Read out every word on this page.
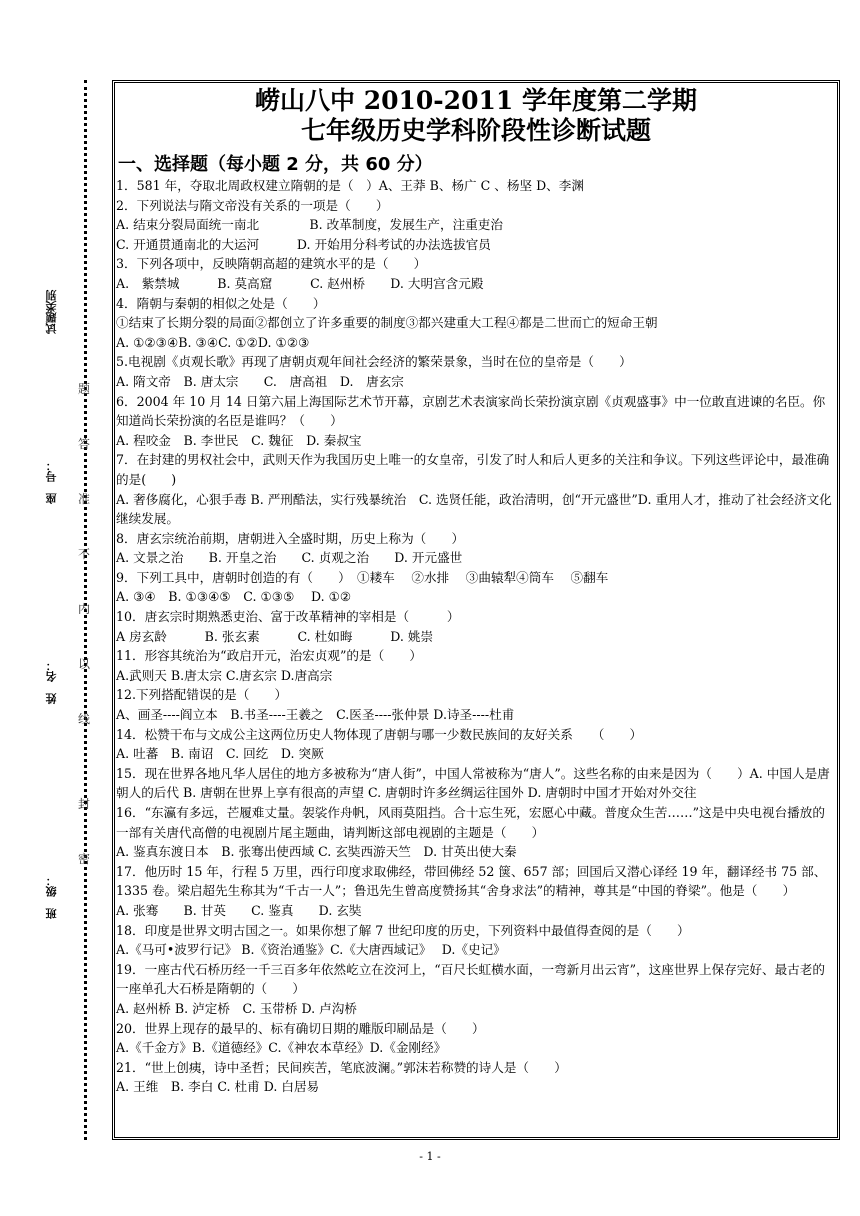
试题类别
座　号：
姓　名：
班　级：
题
答
准
不
内
以
线
封
密
崂山八中 2010-2011 学年度第二学期
七年级历史学科阶段性诊断试题
一、选择题（每小题 2 分，共 60 分）

1．581 年，夺取北周政权建立隋朝的是（　）A、王莽 B、杨广 C 、杨坚 D、李渊

2．下列说法与隋文帝没有关系的一项是（　　）

A. 结束分裂局面统一南北　　　　B. 改革制度，发展生产，注重吏治

C. 开通贯通南北的大运河　　　D. 开始用分科考试的办法选拔官员

3．下列各项中，反映隋朝高超的建筑水平的是（　　）

A.　紫禁城　　　B. 莫高窟　　　C. 赵州桥　　D. 大明宫含元殿

4．隋朝与秦朝的相似之处是（　　）

①结束了长期分裂的局面②都创立了许多重要的制度③都兴建重大工程④都是二世而亡的短命王朝

A. ①②③④B. ③④C. ①②D. ①②③

5.电视剧《贞观长歌》再现了唐朝贞观年间社会经济的繁荣景象，当时在位的皇帝是（　　）

A. 隋文帝　B. 唐太宗　　C.　唐高祖　D.　唐玄宗

6．2004 年 10 月 14 日第六届上海国际艺术节开幕，京剧艺术表演家尚长荣扮演京剧《贞观盛事》中一位敢直进谏的名臣。你知道尚长荣扮演的名臣是谁吗？（　　）

A. 程咬金　B. 李世民　C. 魏征　D. 秦叔宝

7．在封建的男权社会中，武则天作为我国历史上唯一的女皇帝，引发了时人和后人更多的关注和争议。下列这些评论中，最准确的是(　　)

A. 奢侈腐化，心狠手毒 B. 严刑酷法，实行残暴统治　C. 选贤任能，政治清明，创“开元盛世”D. 重用人才，推动了社会经济文化继续发展。

8．唐玄宗统治前期，唐朝进入全盛时期，历史上称为（　　）

A. 文景之治　　B. 开皇之治　　C. 贞观之治　　D. 开元盛世

9．下列工具中，唐朝时创造的有（　　）　①耧车　 ②水排　 ③曲辕犁④筒车　 ⑤翻车

A. ③④　B. ①③④⑤　C. ①③⑤　 D. ①②

10．唐玄宗时期熟悉吏治、富于改革精神的宰相是（　　　）

A 房玄龄　　　B. 张玄素　　　C. 杜如晦　　　D. 姚崇

11．形容其统治为“政启开元，治宏贞观”的是（　　）

A.武则天 B.唐太宗 C.唐玄宗 D.唐高宗

12.下列搭配错误的是（　　）

A、画圣----阎立本　B.书圣----王羲之　C.医圣----张仲景 D.诗圣----杜甫

14．松赞干布与文成公主这两位历史人物体现了唐朝与哪一少数民族间的友好关系　　（　　）

A. 吐蕃　B. 南诏　C. 回纥　D. 突厥

15．现在世界各地凡华人居住的地方多被称为“唐人街”，中国人常被称为“唐人”。这些名称的由来是因为（　　）A. 中国人是唐朝人的后代 B. 唐朝在世界上享有很高的声望 C. 唐朝时许多丝绸运往国外 D. 唐朝时中国才开始对外交往

16．“东瀛有多远，芒履难丈量。袈裟作舟帆，风雨莫阻挡。合十忘生死，宏愿心中藏。普度众生苦……”这是中央电视台播放的一部有关唐代高僧的电视剧片尾主题曲，请判断这部电视剧的主题是（　　）

A. 鉴真东渡日本　B. 张骞出使西域 C. 玄奘西游天竺　D. 甘英出使大秦

17．他历时 15 年，行程 5 万里，西行印度求取佛经，带回佛经 52 箧、657 部；回国后又潜心译经 19 年，翻译经书 75 部、1335 卷。梁启超先生称其为“千古一人”；鲁迅先生曾高度赞扬其“舍身求法”的精神，尊其是“中国的脊梁”。他是（　　）

A. 张骞　　B. 甘英　　C. 鉴真　　D. 玄奘

18．印度是世界文明古国之一。如果你想了解 7 世纪印度的历史，下列资料中最值得查阅的是（　　）

A.《马可•波罗行记》 B.《资治通鉴》C.《大唐西域记》　 D.《史记》

19．一座古代石桥历经一千三百多年依然屹立在洨河上，“百尺长虹横水面，一弯新月出云宵”，这座世界上保存完好、最古老的一座单孔大石桥是隋朝的（　　）

A. 赵州桥 B. 泸定桥　C. 玉带桥 D. 卢沟桥

20．世界上现存的最早的、标有确切日期的雕版印刷品是（　　）

A.《千金方》B.《道德经》C.《神农本草经》D.《金刚经》

21．“世上创痍，诗中圣哲；民间疾苦，笔底波澜。”郭沫若称赞的诗人是（　　）

A. 王维　B. 李白 C. 杜甫 D. 白居易

- 1 -
